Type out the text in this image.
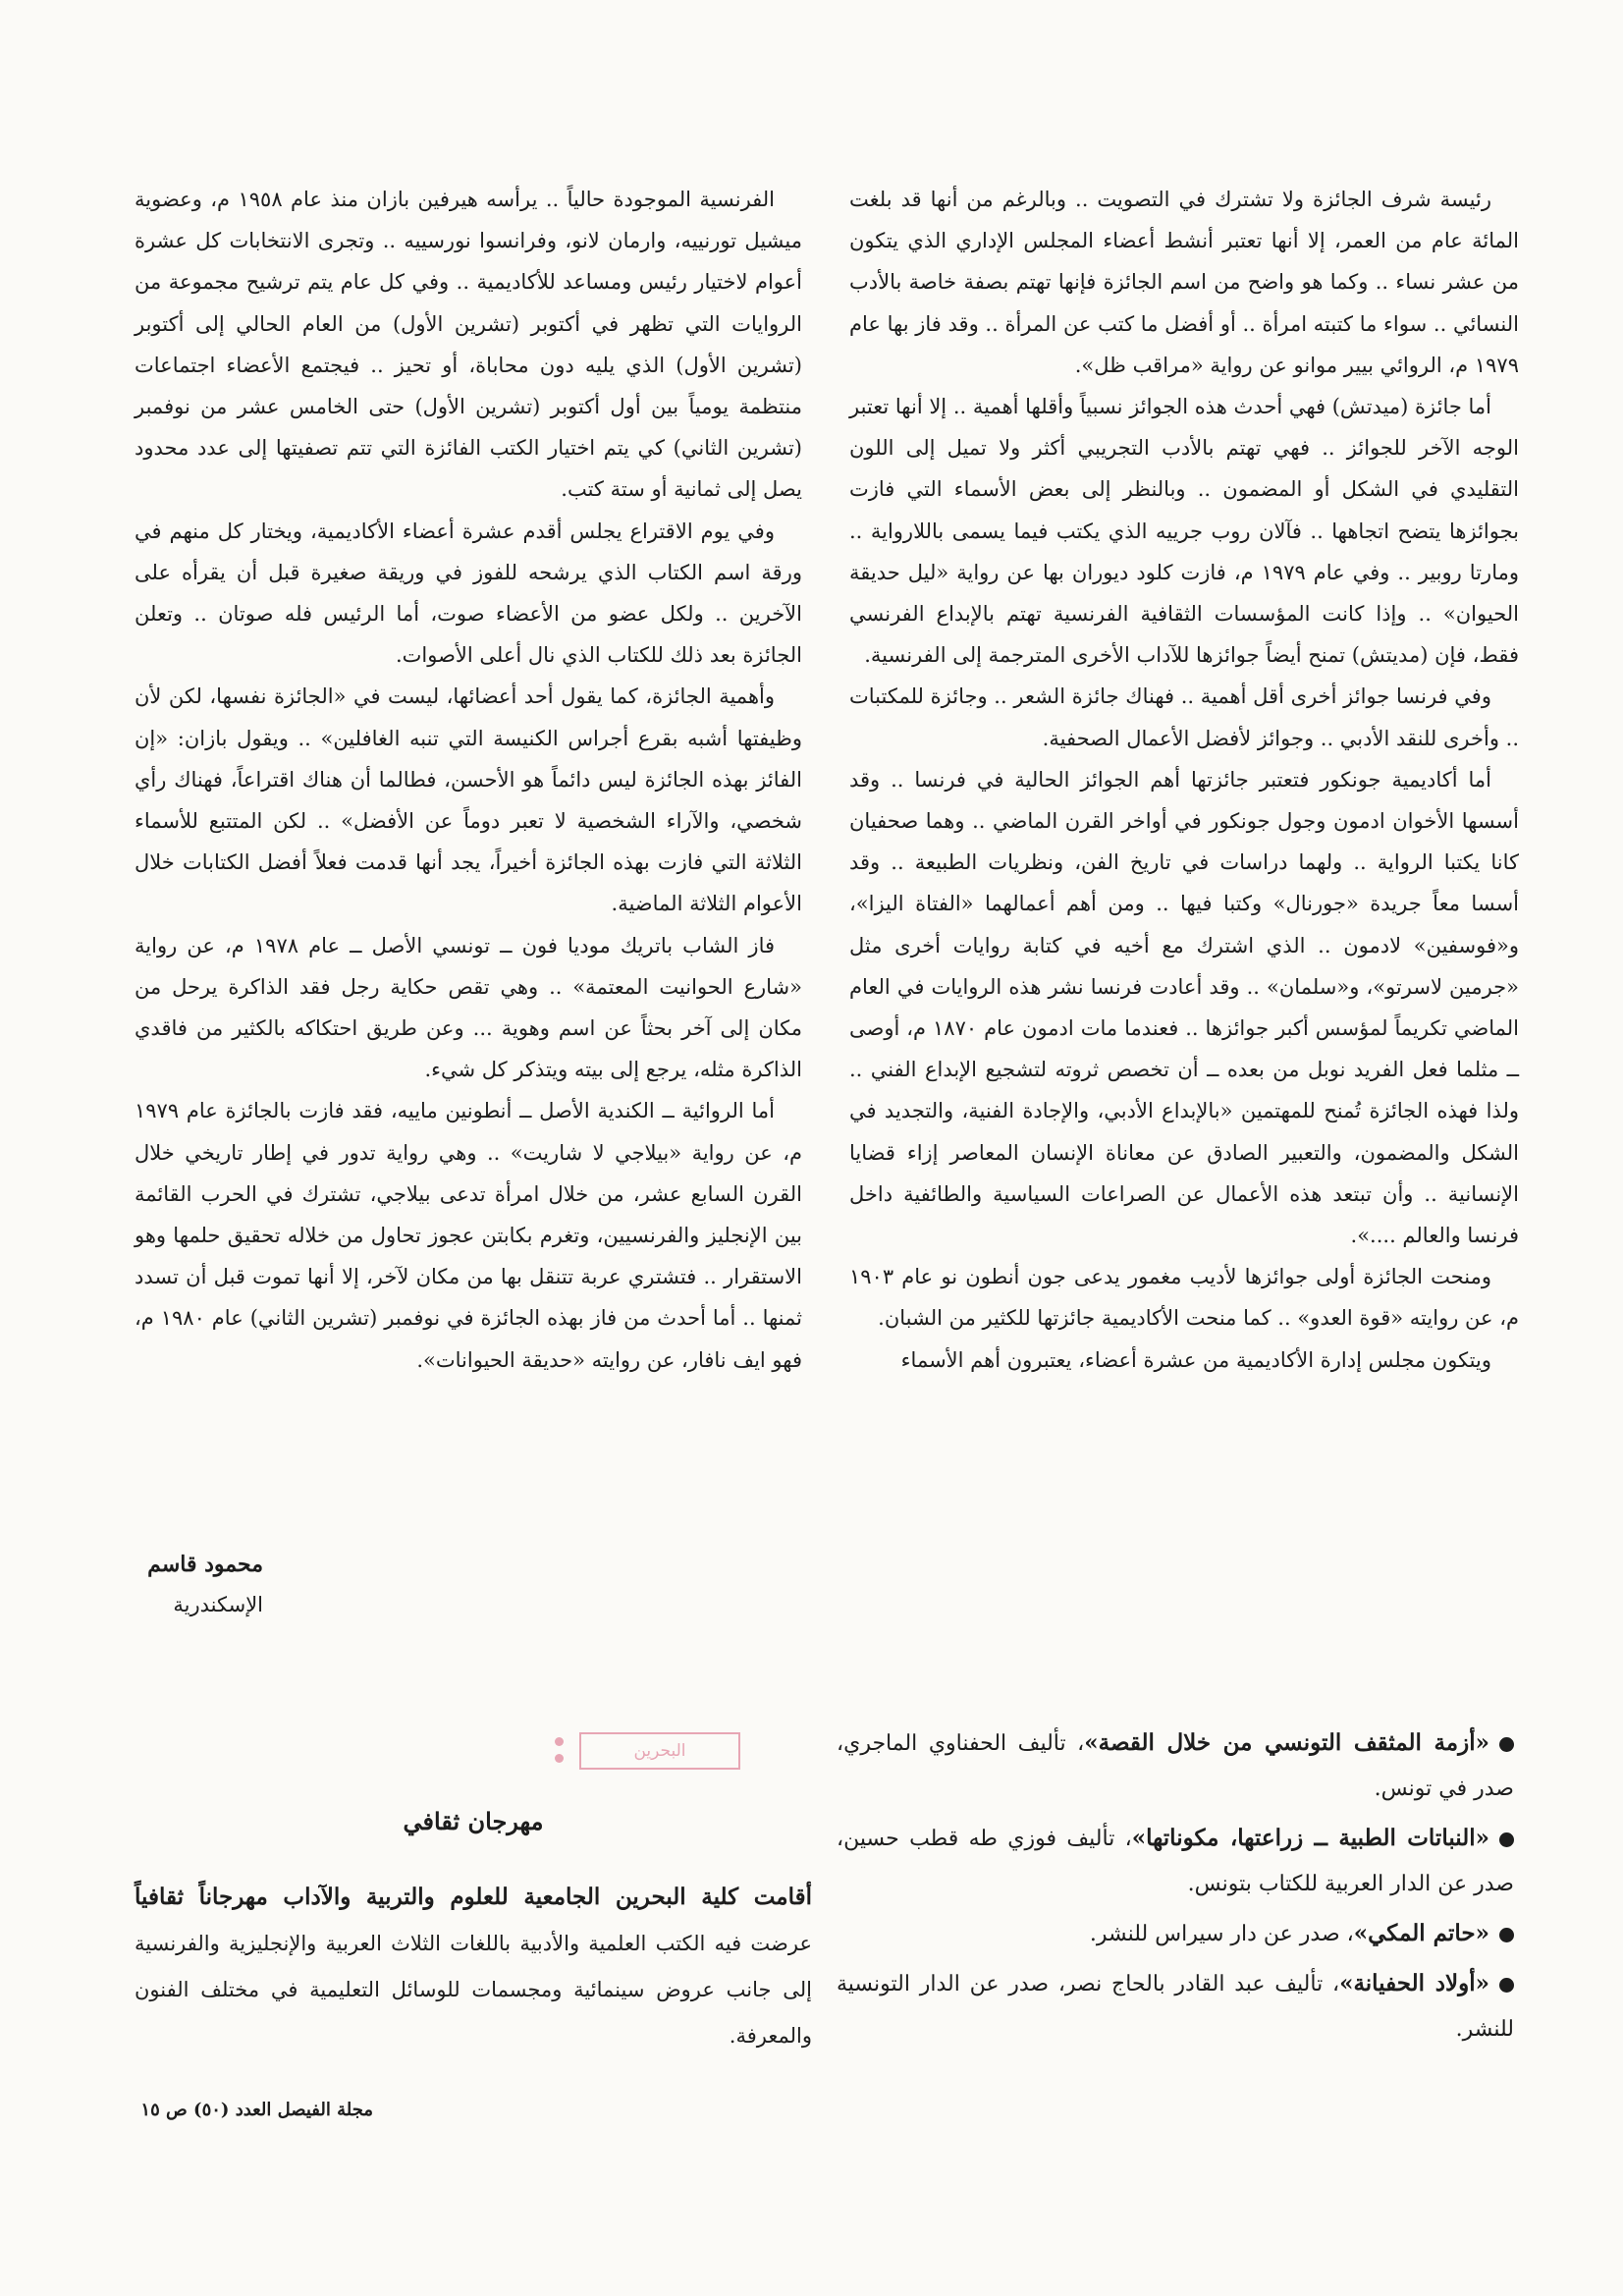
رئيسة شرف الجائزة ولا تشترك في التصويت .. وبالرغم من أنها قد بلغت المائة عام من العمر، إلا أنها تعتبر أنشط أعضاء المجلس الإداري الذي يتكون من عشر نساء .. وكما هو واضح من اسم الجائزة فإنها تهتم بصفة خاصة بالأدب النسائي .. سواء ما كتبته امرأة .. أو أفضل ما كتب عن المرأة .. وقد فاز بها عام ١٩٧٩ م، الروائي بيير موانو عن رواية «مراقب ظل».

أما جائزة (ميدتش) فهي أحدث هذه الجوائز نسبياً وأقلها أهمية .. إلا أنها تعتبر الوجه الآخر للجوائز .. فهي تهتم بالأدب التجريبي أكثر ولا تميل إلى اللون التقليدي في الشكل أو المضمون .. وبالنظر إلى بعض الأسماء التي فازت بجوائزها يتضح اتجاهها .. فآلان روب جرييه الذي يكتب فيما يسمى باللارواية .. ومارتا روبير .. وفي عام ١٩٧٩ م، فازت كلود ديوران بها عن رواية «ليل حديقة الحيوان» .. وإذا كانت المؤسسات الثقافية الفرنسية تهتم بالإبداع الفرنسي فقط، فإن (مديتش) تمنح أيضاً جوائزها للآداب الأخرى المترجمة إلى الفرنسية.

وفي فرنسا جوائز أخرى أقل أهمية .. فهناك جائزة الشعر .. وجائزة للمكتبات .. وأخرى للنقد الأدبي .. وجوائز لأفضل الأعمال الصحفية.

أما أكاديمية جونكور فتعتبر جائزتها أهم الجوائز الحالية في فرنسا .. وقد أسسها الأخوان ادمون وجول جونكور في أواخر القرن الماضي .. وهما صحفيان كانا يكتبا الرواية .. ولهما دراسات في تاريخ الفن، ونظريات الطبيعة .. وقد أسسا معاً جريدة «جورنال» وكتبا فيها .. ومن أهم أعمالهما «الفتاة اليزا»، و«فوسفين» لادمون .. الذي اشترك مع أخيه في كتابة روايات أخرى مثل «جرمين لاسرتو»، و«سلمان» .. وقد أعادت فرنسا نشر هذه الروايات في العام الماضي تكريماً لمؤسس أكبر جوائزها .. فعندما مات ادمون عام ١٨٧٠ م، أوصى ــ مثلما فعل الفريد نوبل من بعده ــ أن تخصص ثروته لتشجيع الإبداع الفني .. ولذا فهذه الجائزة تُمنح للمهتمين «بالإبداع الأدبي، والإجادة الفنية، والتجديد في الشكل والمضمون، والتعبير الصادق عن معاناة الإنسان المعاصر إزاء قضايا الإنسانية .. وأن تبتعد هذه الأعمال عن الصراعات السياسية والطائفية داخل فرنسا والعالم ....».

ومنحت الجائزة أولى جوائزها لأديب مغمور يدعى جون أنطون نو عام ١٩٠٣ م، عن روايته «قوة العدو» .. كما منحت الأكاديمية جائزتها للكثير من الشبان.

ويتكون مجلس إدارة الأكاديمية من عشرة أعضاء، يعتبرون أهم الأسماء

الفرنسية الموجودة حالياً .. يرأسه هيرفين بازان منذ عام ١٩٥٨ م، وعضوية ميشيل تورنييه، وارمان لانو، وفرانسوا نورسييه .. وتجرى الانتخابات كل عشرة أعوام لاختيار رئيس ومساعد للأكاديمية .. وفي كل عام يتم ترشيح مجموعة من الروايات التي تظهر في أكتوبر (تشرين الأول) من العام الحالي إلى أكتوبر (تشرين الأول) الذي يليه دون محاباة، أو تحيز .. فيجتمع الأعضاء اجتماعات منتظمة يومياً بين أول أكتوبر (تشرين الأول) حتى الخامس عشر من نوفمبر (تشرين الثاني) كي يتم اختيار الكتب الفائزة التي تتم تصفيتها إلى عدد محدود يصل إلى ثمانية أو ستة كتب.

وفي يوم الاقتراع يجلس أقدم عشرة أعضاء الأكاديمية، ويختار كل منهم في ورقة اسم الكتاب الذي يرشحه للفوز في وريقة صغيرة قبل أن يقرأه على الآخرين .. ولكل عضو من الأعضاء صوت، أما الرئيس فله صوتان .. وتعلن الجائزة بعد ذلك للكتاب الذي نال أعلى الأصوات.

وأهمية الجائزة، كما يقول أحد أعضائها، ليست في «الجائزة نفسها، لكن لأن وظيفتها أشبه بقرع أجراس الكنيسة التي تنبه الغافلين» .. ويقول بازان: «إن الفائز بهذه الجائزة ليس دائماً هو الأحسن، فطالما أن هناك اقتراعاً، فهناك رأي شخصي، والآراء الشخصية لا تعبر دوماً عن الأفضل» .. لكن المتتبع للأسماء الثلاثة التي فازت بهذه الجائزة أخيراً، يجد أنها قدمت فعلاً أفضل الكتابات خلال الأعوام الثلاثة الماضية.

فاز الشاب باتريك موديا فون ــ تونسي الأصل ــ عام ١٩٧٨ م، عن رواية «شارع الحوانيت المعتمة» .. وهي تقص حكاية رجل فقد الذاكرة يرحل من مكان إلى آخر بحثاً عن اسم وهوية ... وعن طريق احتكاكه بالكثير من فاقدي الذاكرة مثله، يرجع إلى بيته ويتذكر كل شيء.

أما الروائية ــ الكندية الأصل ــ أنطونين ماييه، فقد فازت بالجائزة عام ١٩٧٩ م، عن رواية «بيلاجي لا شاريت» .. وهي رواية تدور في إطار تاريخي خلال القرن السابع عشر، من خلال امرأة تدعى بيلاجي، تشترك في الحرب القائمة بين الإنجليز والفرنسيين، وتغرم بكابتن عجوز تحاول من خلاله تحقيق حلمها وهو الاستقرار .. فتشتري عربة تتنقل بها من مكان لآخر، إلا أنها تموت قبل أن تسدد ثمنها .. أما أحدث من فاز بهذه الجائزة في نوفمبر (تشرين الثاني) عام ١٩٨٠ م، فهو ايف نافار، عن روايته «حديقة الحيوانات».

محمود قاسم
الإسكندرية
«أزمة المثقف التونسي من خلال القصة»، تأليف الحفناوي الماجري، صدر في تونس.
«النباتات الطبية ــ زراعتها، مكوناتها»، تأليف فوزي طه قطب حسين، صدر عن الدار العربية للكتاب بتونس.
«حاتم المكي»، صدر عن دار سيراس للنشر.
«أولاد الحفيانة»، تأليف عبد القادر بالحاج نصر، صدر عن الدار التونسية للنشر.
البحرين
مهرجان ثقافي

أقامت كلية البحرين الجامعية للعلوم والتربية والآداب مهرجاناً ثقافياً عرضت فيه الكتب العلمية والأدبية باللغات الثلاث العربية والإنجليزية والفرنسية إلى جانب عروض سينمائية ومجسمات للوسائل التعليمية في مختلف الفنون والمعرفة.

مجلة الفيصل العدد (٥٠) ص ١٥
